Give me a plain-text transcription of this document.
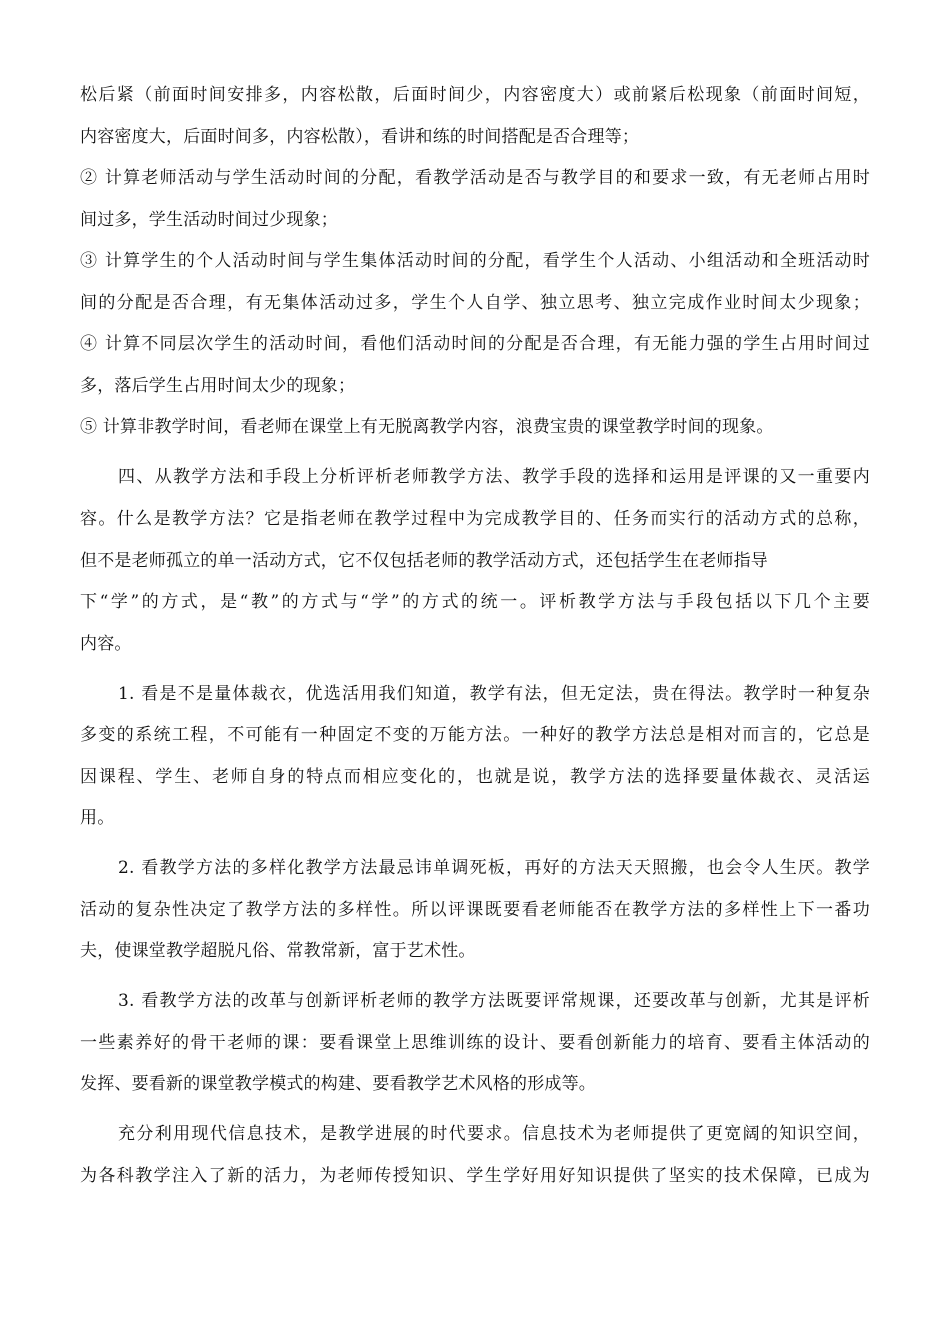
松后紧（前面时间安排多，内容松散，后面时间少，内容密度大）或前紧后松现象（前面时间短，
内容密度大，后面时间多，内容松散），看讲和练的时间搭配是否合理等；
② 计算老师活动与学生活动时间的分配，看教学活动是否与教学目的和要求一致，有无老师占用时
间过多，学生活动时间过少现象；
③ 计算学生的个人活动时间与学生集体活动时间的分配，看学生个人活动、小组活动和全班活动时
间的分配是否合理，有无集体活动过多，学生个人自学、独立思考、独立完成作业时间太少现象；
④ 计算不同层次学生的活动时间，看他们活动时间的分配是否合理，有无能力强的学生占用时间过
多，落后学生占用时间太少的现象；
⑤ 计算非教学时间，看老师在课堂上有无脱离教学内容，浪费宝贵的课堂教学时间的现象。
四、从教学方法和手段上分析评析老师教学方法、教学手段的选择和运用是评课的又一重要内
容。什么是教学方法？它是指老师在教学过程中为完成教学目的、任务而实行的活动方式的总称，
但不是老师孤立的单一活动方式，它不仅包括老师的教学活动方式，还包括学生在老师指导
下“学”的方式，是“教”的方式与“学”的方式的统一。评析教学方法与手段包括以下几个主要
内容。
1. 看是不是量体裁衣，优选活用我们知道，教学有法，但无定法，贵在得法。教学时一种复杂
多变的系统工程，不可能有一种固定不变的万能方法。一种好的教学方法总是相对而言的，它总是
因课程、学生、老师自身的特点而相应变化的，也就是说，教学方法的选择要量体裁衣、灵活运
用。
2. 看教学方法的多样化教学方法最忌讳单调死板，再好的方法天天照搬，也会令人生厌。教学
活动的复杂性决定了教学方法的多样性。所以评课既要看老师能否在教学方法的多样性上下一番功
夫，使课堂教学超脱凡俗、常教常新，富于艺术性。
3. 看教学方法的改革与创新评析老师的教学方法既要评常规课，还要改革与创新，尤其是评析
一些素养好的骨干老师的课：要看课堂上思维训练的设计、要看创新能力的培育、要看主体活动的
发挥、要看新的课堂教学模式的构建、要看教学艺术风格的形成等。
充分利用现代信息技术，是教学进展的时代要求。信息技术为老师提供了更宽阔的知识空间，
为各科教学注入了新的活力，为老师传授知识、学生学好用好知识提供了坚实的技术保障，已成为
